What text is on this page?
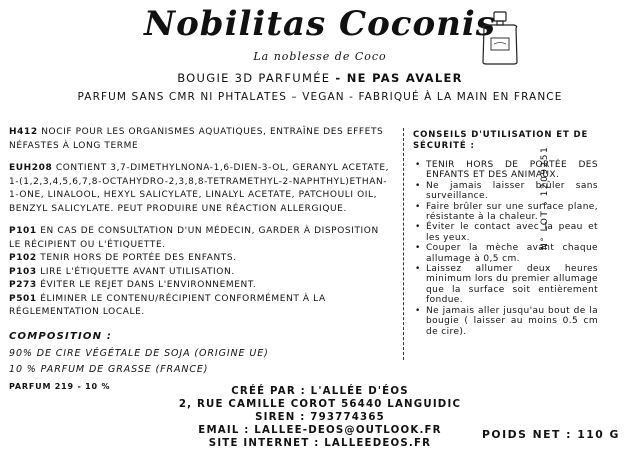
Nobilitas Coconis
La noblesse de Coco
BOUGIE 3D PARFUMÉE - NE PAS AVALER
PARFUM SANS CMR NI PHTALATES – VEGAN - FABRIQUÉ À LA MAIN EN FRANCE

H412 NOCIF POUR LES ORGANISMES AQUATIQUES, ENTRAÎNE DES EFFETS NÉFASTES À LONG TERME

EUH208 CONTIENT 3,7-DIMETHYLNONA-1,6-DIEN-3-OL, GERANYL ACETATE, 1-(1,2,3,4,5,6,7,8-OCTAHYDRO-2,3,8,8-TETRAMETHYL-2-NAPHTHYL)ETHAN-1-ONE, LINALOOL, HEXYL SALICYLATE, LINALYL ACETATE, PATCHOULI OIL, BENZYL SALICYLATE. PEUT PRODUIRE UNE RÉACTION ALLERGIQUE.

P101 EN CAS DE CONSULTATION D'UN MÉDECIN, GARDER À DISPOSITION LE RÉCIPIENT OU L'ÉTIQUETTE.

P102 TENIR HORS DE PORTÉE DES ENFANTS.

P103 LIRE L'ÉTIQUETTE AVANT UTILISATION.

P273 ÉVITER LE REJET DANS L'ENVIRONNEMENT.

P501 ÉLIMINER LE CONTENU/RÉCIPIENT CONFORMÉMENT À LA RÉGLEMENTATION LOCALE.

COMPOSITION :
90% DE CIRE VÉGÉTALE DE SOJA (ORIGINE UE)
10 % PARFUM DE GRASSE (FRANCE)
PARFUM 219 - 10 %
CONSEILS D'UTILISATION ET DE SÉCURITÉ :
• TENIR HORS DE PORTÉE DES ENFANTS ET DES ANIMAUX.
• Ne jamais laisser brûler sans surveillance.
• Faire brûler sur une surface plane, résistante à la chaleur.
• Éviter le contact avec la peau et les yeux.
• Couper la mèche avant chaque allumage à 0,5 cm.
• Laissez allumer deux heures minimum lors du premier allumage que la surface soit entièrement fondue.
• Ne jamais aller jusqu'au bout de la bougie ( laisser au moins 0.5 cm de cire).
N° LOT : 1209251
CRÉÉ PAR : L'ALLÉE D'ÉOS
2, RUE CAMILLE COROT 56440 LANGUIDIC
SIREN : 793774365
EMAIL : LALLEE-DEOS@OUTLOOK.FR
SITE INTERNET : LALLEEDEOS.FR
POIDS NET : 110 G
